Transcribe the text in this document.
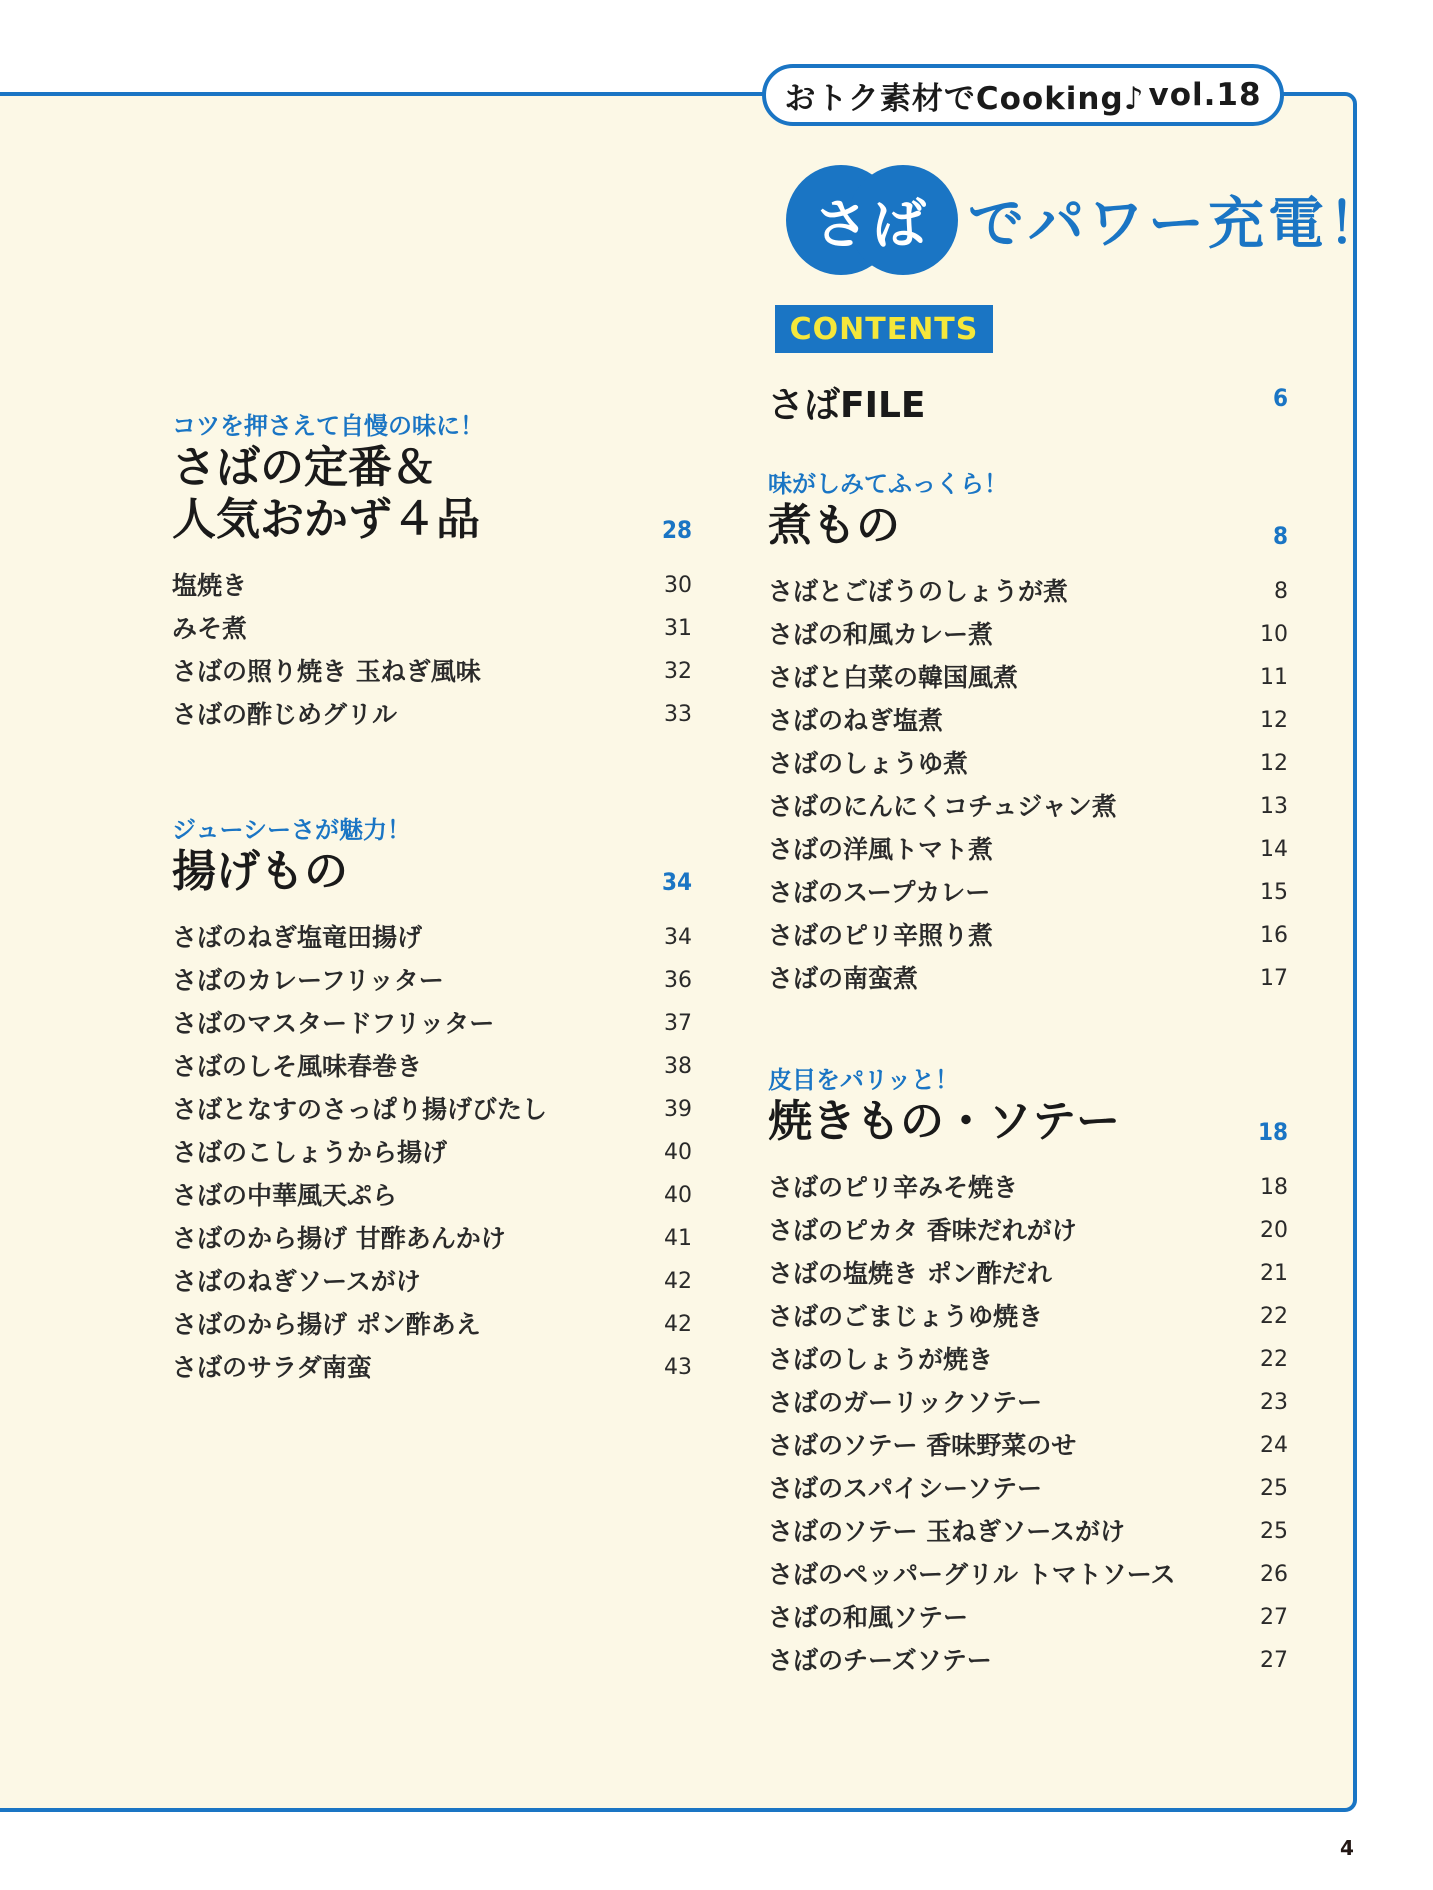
おトク素材でCooking♪ vol.18
さば でパワー充電！
CONTENTS
コツを押さえて自慢の味に！
さばの定番＆
人気おかず４品	28
塩焼き	30
みそ煮	31
さばの照り焼き 玉ねぎ風味	32
さばの酢じめグリル	33
ジューシーさが魅力！
揚げもの	34
さばのねぎ塩竜田揚げ	34
さばのカレーフリッター	36
さばのマスタードフリッター	37
さばのしそ風味春巻き	38
さばとなすのさっぱり揚げびたし	39
さばのこしょうから揚げ	40
さばの中華風天ぷら	40
さばのから揚げ 甘酢あんかけ	41
さばのねぎソースがけ	42
さばのから揚げ ポン酢あえ	42
さばのサラダ南蛮	43
さばFILE	6
味がしみてふっくら！
煮もの	8
さばとごぼうのしょうが煮	8
さばの和風カレー煮	10
さばと白菜の韓国風煮	11
さばのねぎ塩煮	12
さばのしょうゆ煮	12
さばのにんにくコチュジャン煮	13
さばの洋風トマト煮	14
さばのスープカレー	15
さばのピリ辛照り煮	16
さばの南蛮煮	17
皮目をパリッと！
焼きもの・ソテー	18
さばのピリ辛みそ焼き	18
さばのピカタ 香味だれがけ	20
さばの塩焼き ポン酢だれ	21
さばのごまじょうゆ焼き	22
さばのしょうが焼き	22
さばのガーリックソテー	23
さばのソテー 香味野菜のせ	24
さばのスパイシーソテー	25
さばのソテー 玉ねぎソースがけ	25
さばのペッパーグリル トマトソース	26
さばの和風ソテー	27
さばのチーズソテー	27
4
